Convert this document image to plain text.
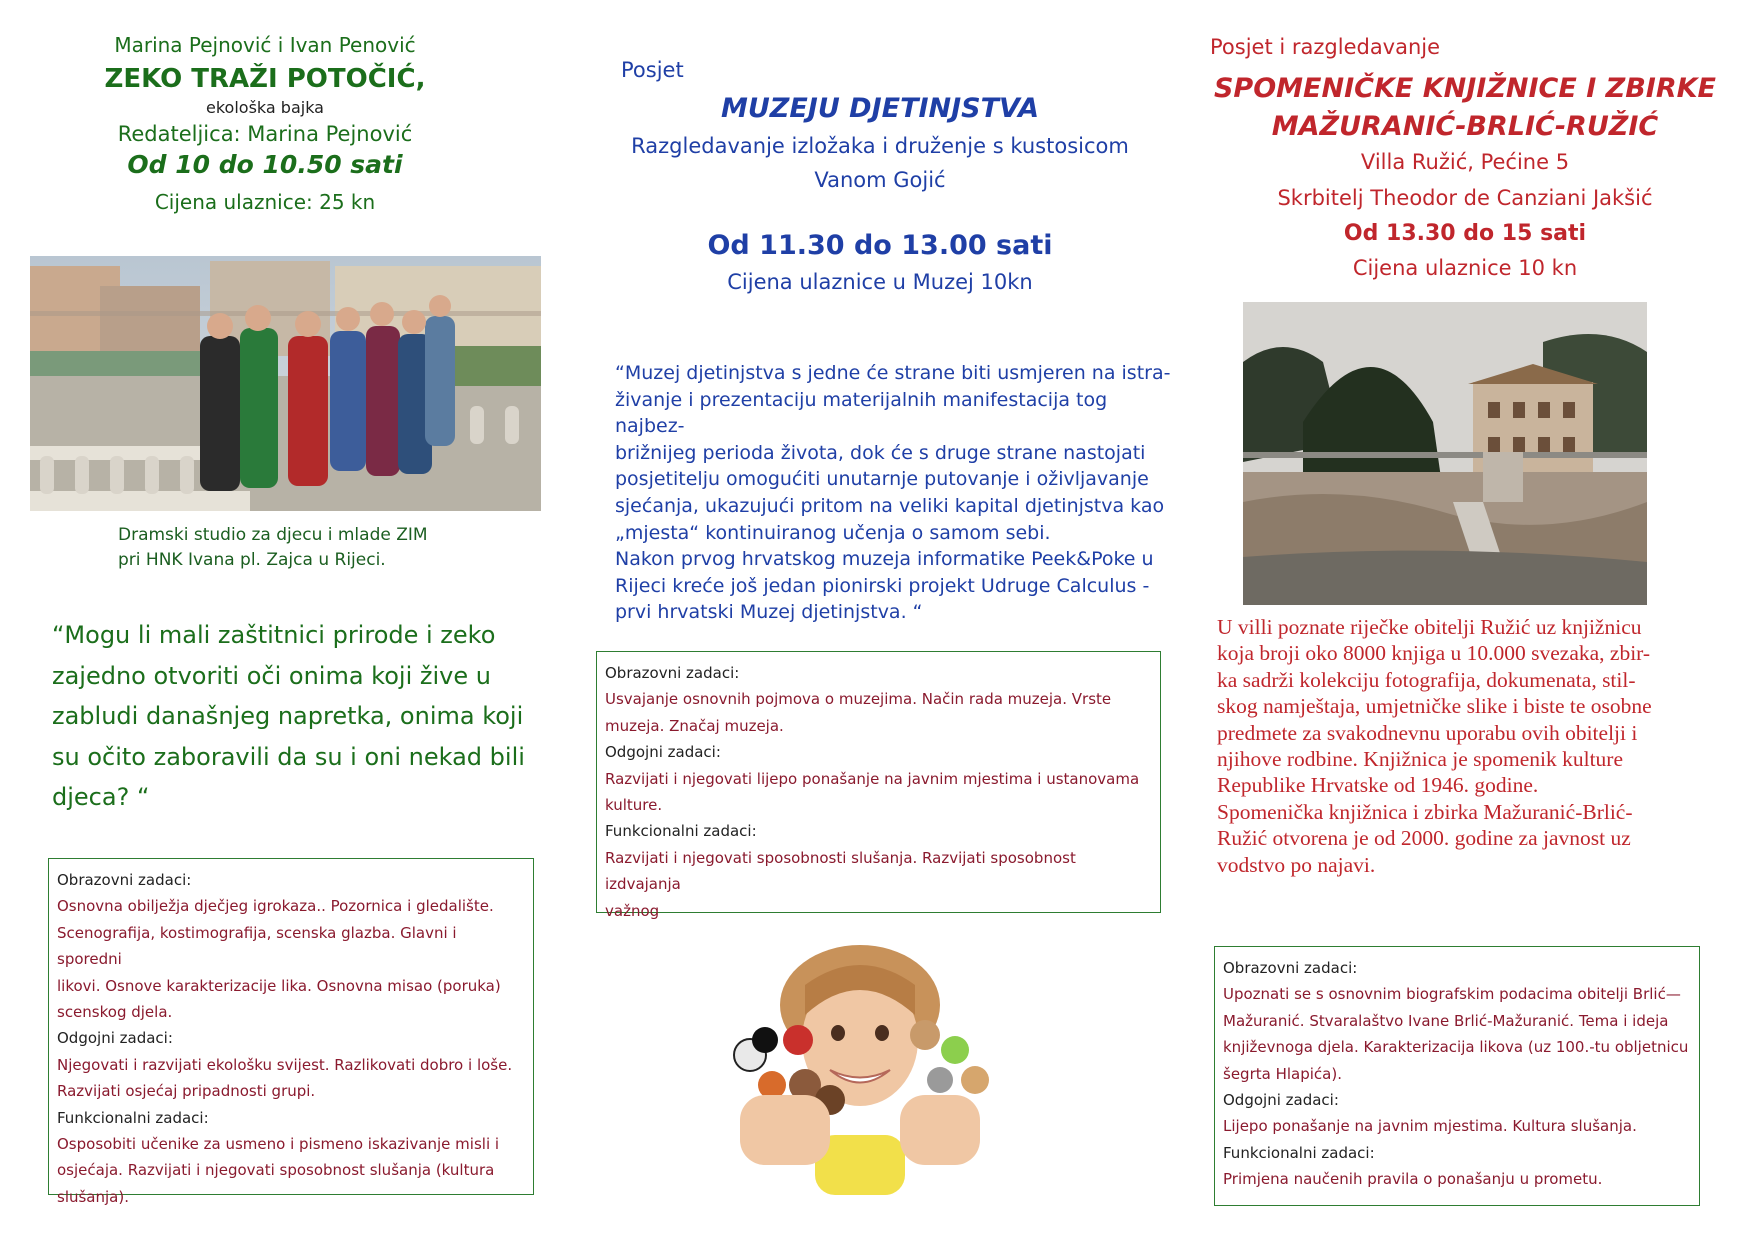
Marina Pejnović i Ivan Penović
ZEKO TRAŽI POTOČIĆ,
ekološka bajka
Redateljica: Marina Pejnović
Od 10 do 10.50 sati
Cijena ulaznice: 25 kn
Dramski studio za djecu i mlade ZIM
pri HNK Ivana pl. Zajca u Rijeci.
“Mogu li mali zaštitnici prirode i zeko
zajedno otvoriti oči onima koji žive u
zabludi današnjeg napretka, onima koji
su očito zaboravili da su i oni nekad bili
djeca? “
Obrazovni zadaci:
Osnovna obilježja dječjeg igrokaza.. Pozornica i gledalište.
Scenografija, kostimografija, scenska glazba. Glavni i sporedni
likovi. Osnove karakterizacije lika. Osnovna misao (poruka)
scenskog djela.
Odgojni zadaci:
Njegovati i razvijati ekološku svijest. Razlikovati dobro i loše.
Razvijati osjećaj pripadnosti grupi.
Funkcionalni zadaci:
Osposobiti učenike za usmeno i pismeno iskazivanje misli i
osjećaja. Razvijati i njegovati sposobnost slušanja (kultura
slušanja).
Posjet
MUZEJU DJETINJSTVA
Razgledavanje izložaka i druženje s kustosicom
Vanom Gojić
Od 11.30 do 13.00 sati
Cijena ulaznice u Muzej 10kn
“Muzej djetinjstva s jedne će strane biti usmjeren na istra-
živanje i prezentaciju materijalnih manifestacija tog najbez-
brižnijeg perioda života, dok će s druge strane nastojati
posjetitelju omogućiti unutarnje putovanje i oživljavanje
sjećanja, ukazujući pritom na veliki kapital djetinjstva kao
„mjesta“ kontinuiranog učenja o samom sebi.
Nakon prvog hrvatskog muzeja informatike Peek&Poke u
Rijeci kreće još jedan pionirski projekt Udruge Calculus -
prvi hrvatski Muzej djetinjstva. “
Obrazovni zadaci:
Usvajanje osnovnih pojmova o muzejima. Način rada muzeja. Vrste
muzeja. Značaj muzeja.
Odgojni zadaci:
Razvijati i njegovati lijepo ponašanje na javnim mjestima i ustanovama
kulture.
Funkcionalni zadaci:
Razvijati i njegovati sposobnosti slušanja. Razvijati sposobnost izdvajanja
važnog
Posjet i razgledavanje
SPOMENIČKE KNJIŽNICE I ZBIRKE
MAŽURANIĆ-BRLIĆ-RUŽIĆ
Villa Ružić, Pećine 5
Skrbitelj Theodor de Canziani Jakšić
Od 13.30 do 15 sati
Cijena ulaznice 10 kn
U villi poznate riječke obitelji Ružić uz knjižnicu
koja broji oko 8000 knjiga u 10.000 svezaka, zbir-
ka sadrži kolekciju fotografija, dokumenata, stil-
skog namještaja, umjetničke slike i biste te osobne
predmete za svakodnevnu uporabu ovih obitelji i
njihove rodbine. Knjižnica je spomenik kulture
Republike Hrvatske od 1946. godine.
Spomenička knjižnica i zbirka Mažuranić-Brlić-
Ružić otvorena je od 2000. godine za javnost uz
vodstvo po najavi.
Obrazovni zadaci:
Upoznati se s osnovnim biografskim podacima obitelji Brlić—
Mažuranić. Stvaralaštvo Ivane Brlić-Mažuranić. Tema i ideja
književnoga djela. Karakterizacija likova (uz 100.-tu obljetnicu
šegrta Hlapića).
Odgojni zadaci:
Lijepo ponašanje na javnim mjestima. Kultura slušanja.
Funkcionalni zadaci:
Primjena naučenih pravila o ponašanju u prometu.
